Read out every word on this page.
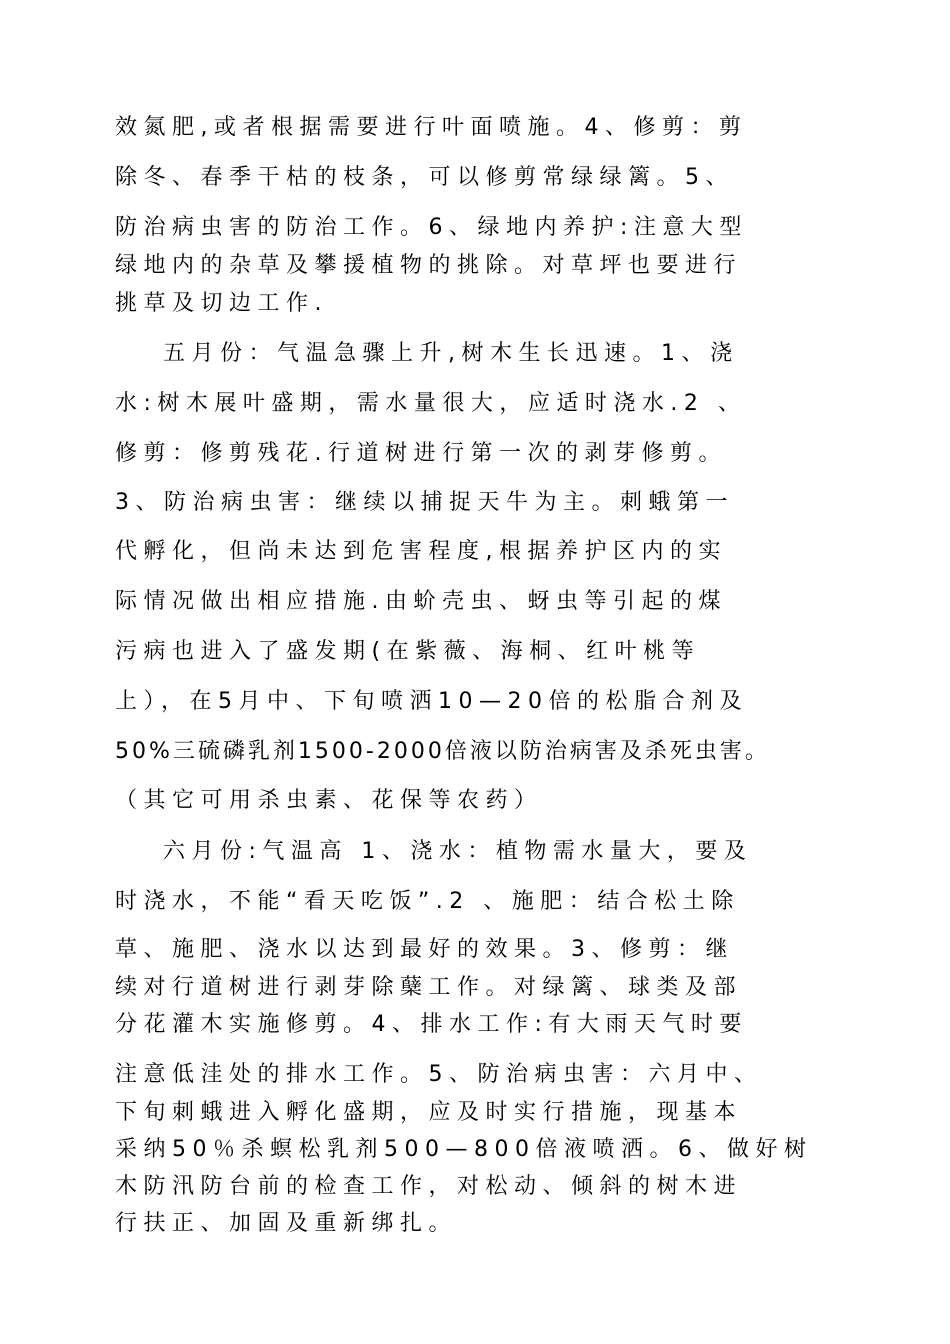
效氮肥,或者根据需要进行叶面喷施。4、修剪：剪
除冬、春季干枯的枝条，可以修剪常绿绿篱。5、
防治病虫害的防治工作。6、绿地内养护:注意大型
绿地内的杂草及攀援植物的挑除。对草坪也要进行
挑草及切边工作.
五月份：气温急骤上升,树木生长迅速。1、浇
水:树木展叶盛期，需水量很大，应适时浇水.2 、
修剪：修剪残花.行道树进行第一次的剥芽修剪。
3、防治病虫害：继续以捕捉天牛为主。刺蛾第一
代孵化，但尚未达到危害程度,根据养护区内的实
际情况做出相应措施.由蚧壳虫、蚜虫等引起的煤
污病也进入了盛发期(在紫薇、海桐、红叶桃等
上），在5月中、下旬喷洒10—20倍的松脂合剂及
50%三硫磷乳剂1500-2000倍液以防治病害及杀死虫害。
（其它可用杀虫素、花保等农药）
六月份:气温高 1、浇水：植物需水量大，要及
时浇水，不能“看天吃饭”.2 、施肥：结合松土除
草、施肥、浇水以达到最好的效果。3、修剪：继
续对行道树进行剥芽除蘖工作。对绿篱、球类及部
分花灌木实施修剪。4、排水工作:有大雨天气时要
注意低洼处的排水工作。5、防治病虫害：六月中、
下旬刺蛾进入孵化盛期，应及时实行措施，现基本
采纳50％杀螟松乳剂500—800倍液喷洒。6、做好树
木防汛防台前的检查工作，对松动、倾斜的树木进
行扶正、加固及重新绑扎。
